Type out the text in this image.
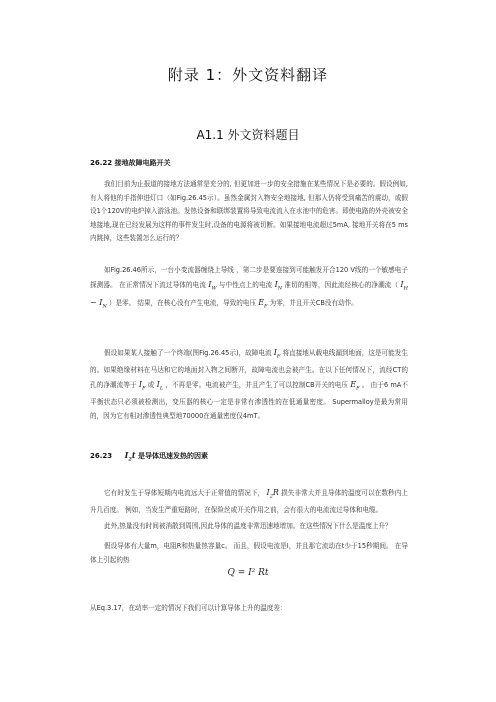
附录 1：外文资料翻译
A1.1 外文资料题目
26.22 接地故障电路开关
我们目前为止报道的接地方法通常是充分的, 但更加进一步的安全措施在某些情况下是必要的。假设例如, 有人将他的手指伸进灯口（如Fig.26.45示）。虽然金属封入物安全地接地, 但那人仍将受到痛苦的震动，或假设1个120V的电炉掉入游泳池。发热设备和联绑装置将导致电流流入在水池中的危害。即使电路的外壳被安全地接地,现在已经发展为这样的事件发生时,设备的电源将被切断。如果接地电流超过5mA, 接地开关将在5 ms内跳掉，这些装置怎么运行的？
如Fig.26.46所示，一台小变流器缠绕上导线 ，第二步是要连接到可能触发开合120 V线的一个敏感电子探测器。 在正常情况下流过导体的电流 $I_W$ 与中性点上的电流 $I_N$ 准切的相等，因此流经核心的净潮流（ $I_H - I_N$ ）是零。 结果，在核心没有产生电流，导致的电压 $E_F$ 为零，并且开关CB没有动作。
假设如果某人接触了一个终端(图Fig.26.45示)，故障电流 $I_F$ 将直接地从载电线漏到地面，这是可能发生的。如果绝缘材料在马达和它的地面封入物之间断开，故障电流也会被产生。在以下任何情况下，流经CT的孔的净潮流等于 $I_F$ 或 $I_L$ ，不再是零。电流被产生，并且产生了可以控制CB开关的电压 $E_F$ 。 由于6 mA不平衡状态只必须被检测出，变压器的核心一定是非常有渗透性的在低通量密度。 Supermalloy是最为常用的，因为它有相对渗透性典型地70000在通量密度仅4mT。
26.23 $I_2t$ 是导体迅速发热的因素
它有时发生于导体短期内电流远大于正常值的情况下， $I_2R$ 损失非常大并且导体的温度可以在数秒内上升几百度。 例如，当发生严重短路时，在保险丝或开关作用之前，会有很大的电流流过导体和电缆。
此外,热量没有时间被消散到周围,因此导体的温度非常迅速地增加。在这些情况下什么是温度上升？
假设导体有大量m，电阻R和热量热容量c。 而且，假设电流是I，并且那它流动在t少于15秒期间。 在导体上引起的热
Q = I² Rt
从Eq.3.17，在动率一定的情况下我们可以计算导体上升的温度差：
